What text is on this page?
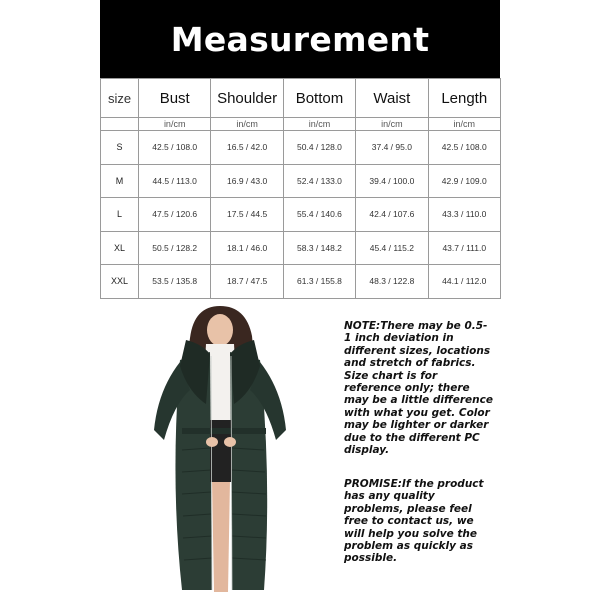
Measurement
size	Bust	Shoulder	Bottom	Waist	Length
	in/cm	in/cm	in/cm	in/cm	in/cm
S	42.5 / 108.0	16.5 / 42.0	50.4 / 128.0	37.4 / 95.0	42.5 / 108.0
M	44.5 / 113.0	16.9 / 43.0	52.4 / 133.0	39.4 / 100.0	42.9 / 109.0
L	47.5 / 120.6	17.5 / 44.5	55.4 / 140.6	42.4 / 107.6	43.3 / 110.0
XL	50.5 / 128.2	18.1 / 46.0	58.3 / 148.2	45.4 / 115.2	43.7 / 111.0
XXL	53.5 / 135.8	18.7 / 47.5	61.3 / 155.8	48.3 / 122.8	44.1 / 112.0

NOTE:There may be 0.5-1 inch deviation in different sizes, locations and stretch of fabrics. Size chart is for reference only; there may be a little difference with what you get. Color may be lighter or darker due to the different PC display.

PROMISE:If the product has any quality problems, please feel free to contact us, we will help you solve the problem as quickly as possible.
